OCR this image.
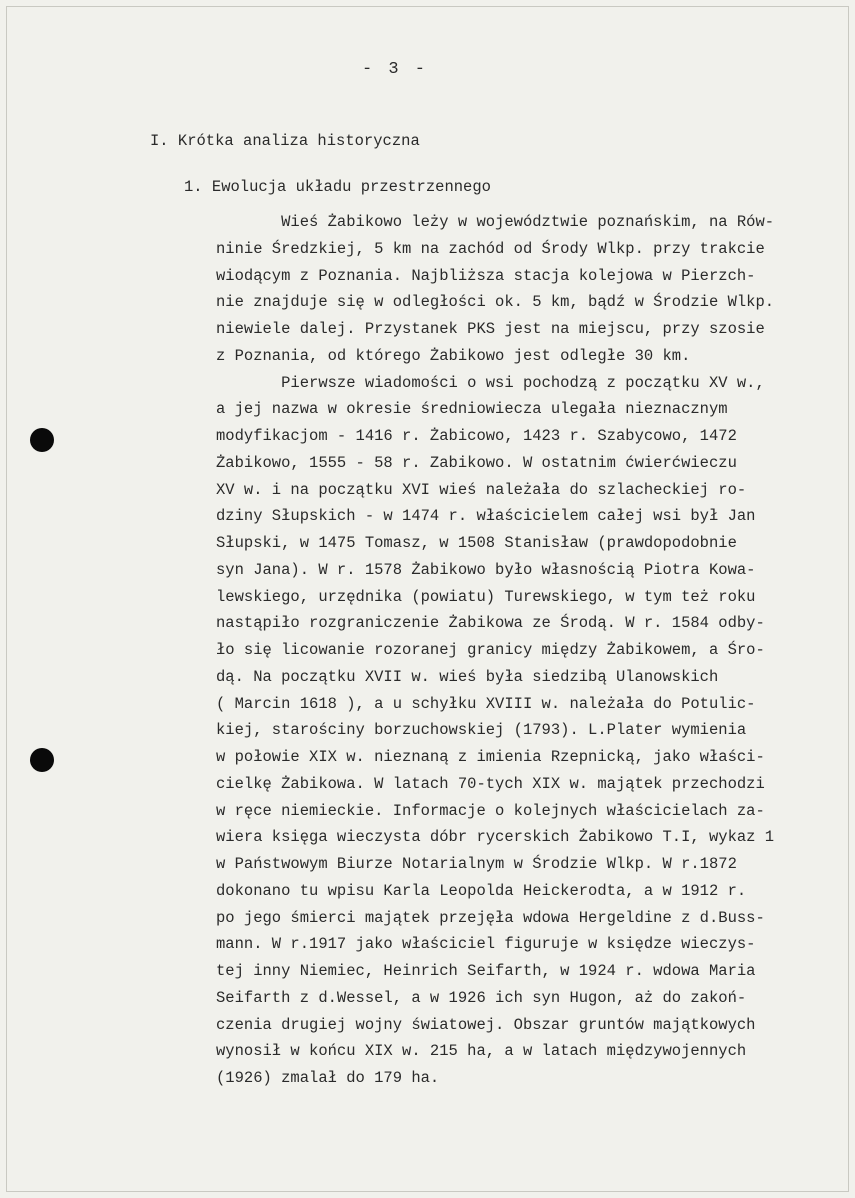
- 3 -
I. Krótka analiza historyczna
1. Ewolucja układu przestrzennego
Wieś Żabikowo leży w województwie poznańskim, na Rów-
ninie Średzkiej, 5 km na zachód od Środy Wlkp. przy trakcie
wiodącym z Poznania. Najbliższa stacja kolejowa w Pierzch-
nie znajduje się w odległości ok. 5 km, bądź w Środzie Wlkp.
niewiele dalej. Przystanek PKS jest na miejscu, przy szosie
z Poznania, od którego Żabikowo jest odległe 30 km.
Pierwsze wiadomości o wsi pochodzą z początku XV w.,
a jej nazwa w okresie średniowiecza ulegała nieznacznym
modyfikacjom - 1416 r. Żabicowo, 1423 r. Szabycowo, 1472
Żabikowo, 1555 - 58 r. Zabikowo. W ostatnim ćwierćwieczu
XV w. i na początku XVI wieś należała do szlacheckiej ro-
dziny Słupskich - w 1474 r. właścicielem całej wsi był Jan
Słupski, w 1475 Tomasz, w 1508 Stanisław (prawdopodobnie
syn Jana). W r. 1578 Żabikowo było własnością Piotra Kowa-
lewskiego, urzędnika (powiatu) Turewskiego, w tym też roku
nastąpiło rozgraniczenie Żabikowa ze Środą. W r. 1584 odby-
ło się licowanie rozoranej granicy między Żabikowem, a Śro-
dą. Na początku XVII w. wieś była siedzibą Ulanowskich
( Marcin 1618 ), a u schyłku XVIII w. należała do Potulic-
kiej, starościny borzuchowskiej (1793). L.Plater wymienia
w połowie XIX w. nieznaną z imienia Rzepnicką, jako właści-
cielkę Żabikowa. W latach 70-tych XIX w. majątek przechodzi
w ręce niemieckie. Informacje o kolejnych właścicielach za-
wiera księga wieczysta dóbr rycerskich Żabikowo T.I, wykaz 1
w Państwowym Biurze Notarialnym w Środzie Wlkp. W r.1872
dokonano tu wpisu Karla Leopolda Heickerodta, a w 1912 r.
po jego śmierci majątek przejęła wdowa Hergeldine z d.Buss-
mann. W r.1917 jako właściciel figuruje w księdze wieczys-
tej inny Niemiec, Heinrich Seifarth, w 1924 r. wdowa Maria
Seifarth z d.Wessel, a w 1926 ich syn Hugon, aż do zakoń-
czenia drugiej wojny światowej. Obszar gruntów majątkowych
wynosił w końcu XIX w. 215 ha, a w latach międzywojennych
(1926) zmalał do 179 ha.
